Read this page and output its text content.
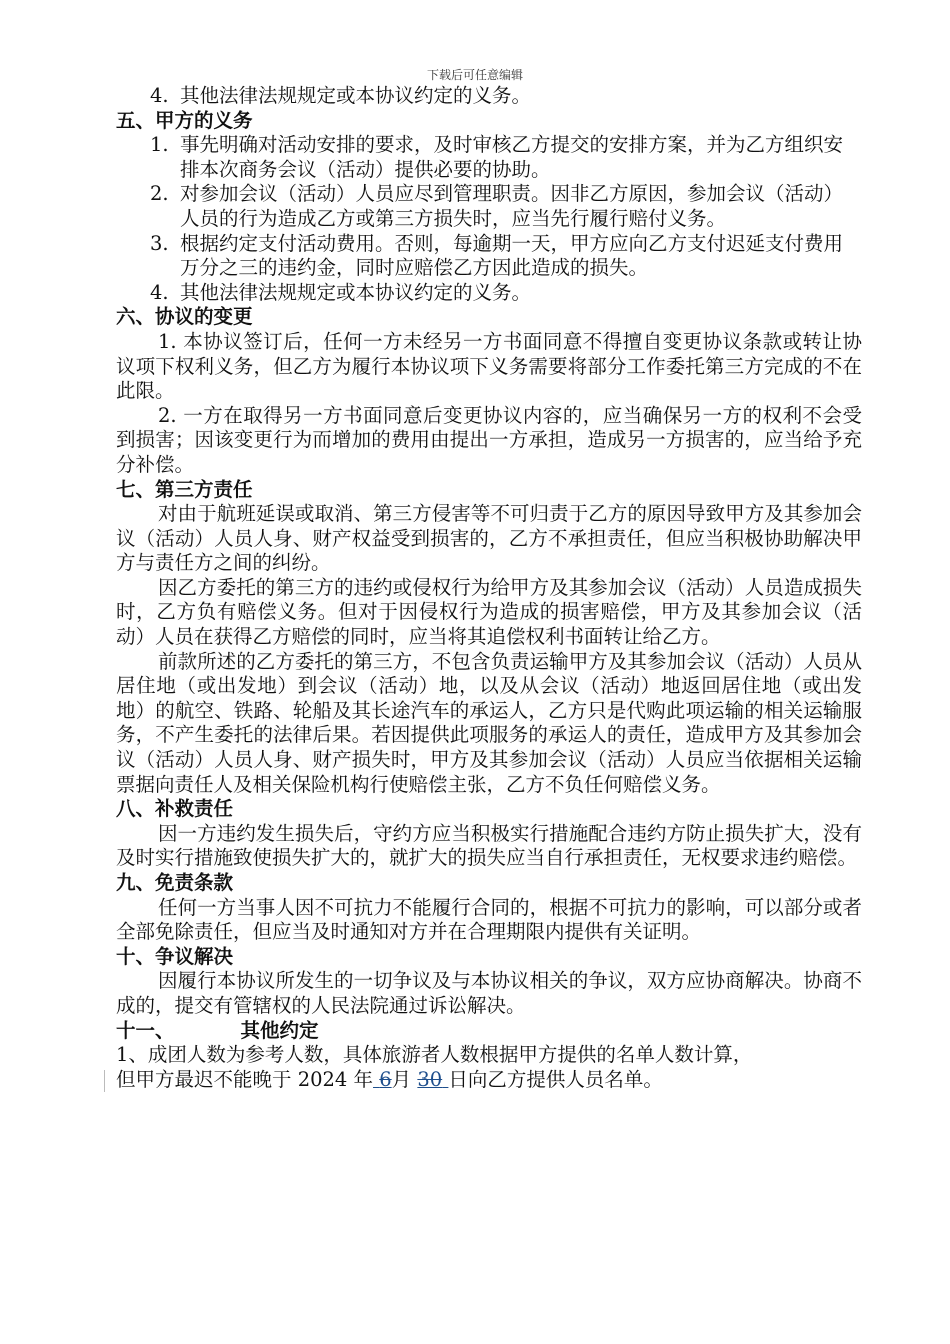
下载后可任意编辑
4. 其他法律法规规定或本协议约定的义务。
五、甲方的义务
1. 事先明确对活动安排的要求，及时审核乙方提交的安排方案，并为乙方组织安排本次商务会议（活动）提供必要的协助。
2. 对参加会议（活动）人员应尽到管理职责。因非乙方原因，参加会议（活动）人员的行为造成乙方或第三方损失时，应当先行履行赔付义务。
3. 根据约定支付活动费用。否则，每逾期一天，甲方应向乙方支付迟延支付费用万分之三的违约金，同时应赔偿乙方因此造成的损失。
4. 其他法律法规规定或本协议约定的义务。
六、协议的变更
1. 本协议签订后，任何一方未经另一方书面同意不得擅自变更协议条款或转让协议项下权利义务，但乙方为履行本协议项下义务需要将部分工作委托第三方完成的不在此限。
2. 一方在取得另一方书面同意后变更协议内容的，应当确保另一方的权利不会受到损害；因该变更行为而增加的费用由提出一方承担，造成另一方损害的，应当给予充分补偿。
七、第三方责任
对由于航班延误或取消、第三方侵害等不可归责于乙方的原因导致甲方及其参加会议（活动）人员人身、财产权益受到损害的，乙方不承担责任，但应当积极协助解决甲方与责任方之间的纠纷。
因乙方委托的第三方的违约或侵权行为给甲方及其参加会议（活动）人员造成损失时，乙方负有赔偿义务。但对于因侵权行为造成的损害赔偿，甲方及其参加会议（活动）人员在获得乙方赔偿的同时，应当将其追偿权利书面转让给乙方。
前款所述的乙方委托的第三方，不包含负责运输甲方及其参加会议（活动）人员从居住地（或出发地）到会议（活动）地，以及从会议（活动）地返回居住地（或出发地）的航空、铁路、轮船及其长途汽车的承运人，乙方只是代购此项运输的相关运输服务，不产生委托的法律后果。若因提供此项服务的承运人的责任，造成甲方及其参加会议（活动）人员人身、财产损失时，甲方及其参加会议（活动）人员应当依据相关运输票据向责任人及相关保险机构行使赔偿主张，乙方不负任何赔偿义务。
八、补救责任
因一方违约发生损失后，守约方应当积极实行措施配合违约方防止损失扩大，没有及时实行措施致使损失扩大的，就扩大的损失应当自行承担责任，无权要求违约赔偿。
九、免责条款
任何一方当事人因不可抗力不能履行合同的，根据不可抗力的影响，可以部分或者全部免除责任，但应当及时通知对方并在合理期限内提供有关证明。
十、争议解决
因履行本协议所发生的一切争议及与本协议相关的争议，双方应协商解决。协商不成的，提交有管辖权的人民法院通过诉讼解决。
十一、	其他约定
1、成团人数为参考人数，具体旅游者人数根据甲方提供的名单人数计算，
但甲方最迟不能晚于 2024 年 6月 30 日向乙方提供人员名单。
